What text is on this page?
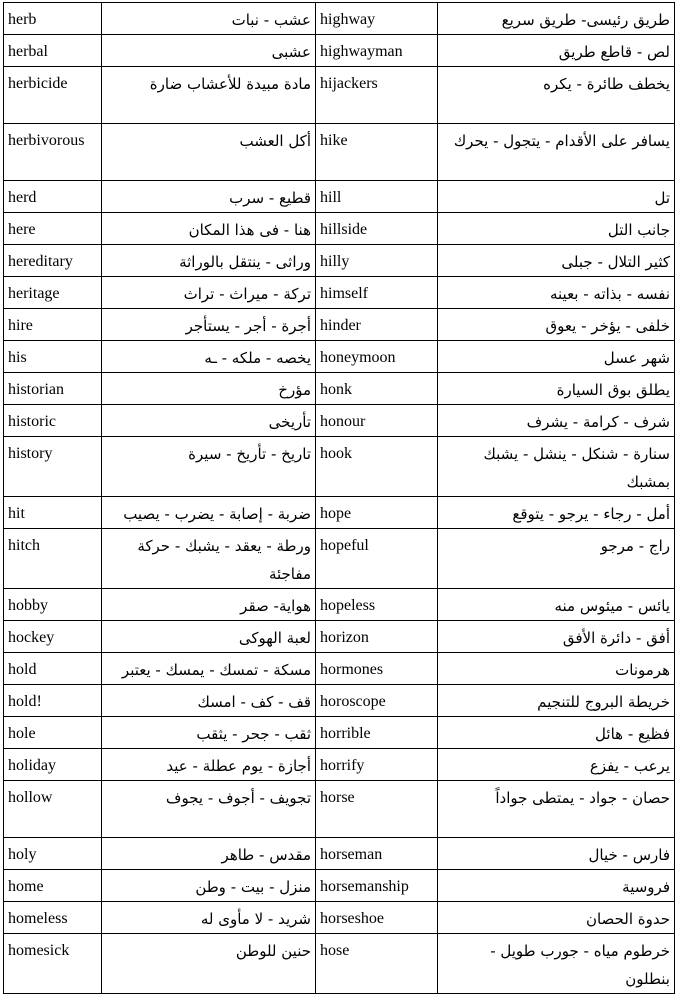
herb	عشب - نبات	highway	طريق رئيسى- طريق سريع
herbal	عشبى	highwayman	لص - قاطع طريق
herbicide	مادة مبيدة للأعشاب ضارة	hijackers	يخطف طائرة - يكره
herbivorous	أكل العشب	hike	يسافر على الأقدام - يتجول - يحرك
herd	قطيع - سرب	hill	تل
here	هنا - فى هذا المكان	hillside	جانب التل
hereditary	وراثى - ينتقل بالوراثة	hilly	كثير التلال - جبلى
heritage	تركة - ميراث - تراث	himself	نفسه - بذاته - بعينه
hire	أجرة - أجر - يستأجر	hinder	خلفى - يؤخر - يعوق
his	يخصه - ملكه - ـه	honeymoon	شهر عسل
historian	مؤرخ	honk	يطلق بوق السيارة
historic	تأريخى	honour	شرف - كرامة - يشرف
history	تاريخ - تأريخ - سيرة	hook	سنارة - شنكل - ينشل - يشبك بمشبك
hit	ضربة - إصابة - يضرب - يصيب	hope	أمل - رجاء - يرجو - يتوقع
hitch	ورطة - يعقد - يشبك - حركة مفاجئة	hopeful	راج - مرجو
hobby	هواية- صقر	hopeless	يائس - ميئوس منه
hockey	لعبة الهوكى	horizon	أفق - دائرة الأفق
hold	مسكة - تمسك - يمسك - يعتبر	hormones	هرمونات
hold!	قف - كف - امسك	horoscope	خريطة البروج للتنجيم
hole	ثقب - جحر - يثقب	horrible	فظيع - هائل
holiday	أجازة - يوم عطلة - عيد	horrify	يرعب - يفزع
hollow	تجويف - أجوف - يجوف	horse	حصان - جواد - يمتطى جواداً
holy	مقدس - طاهر	horseman	فارس - خيال
home	منزل - بيت - وطن	horsemanship	فروسية
homeless	شريد - لا مأوى له	horseshoe	حدوة الحصان
homesick	حنين للوطن	hose	خرطوم مياه - جورب طويل - بنطلون
